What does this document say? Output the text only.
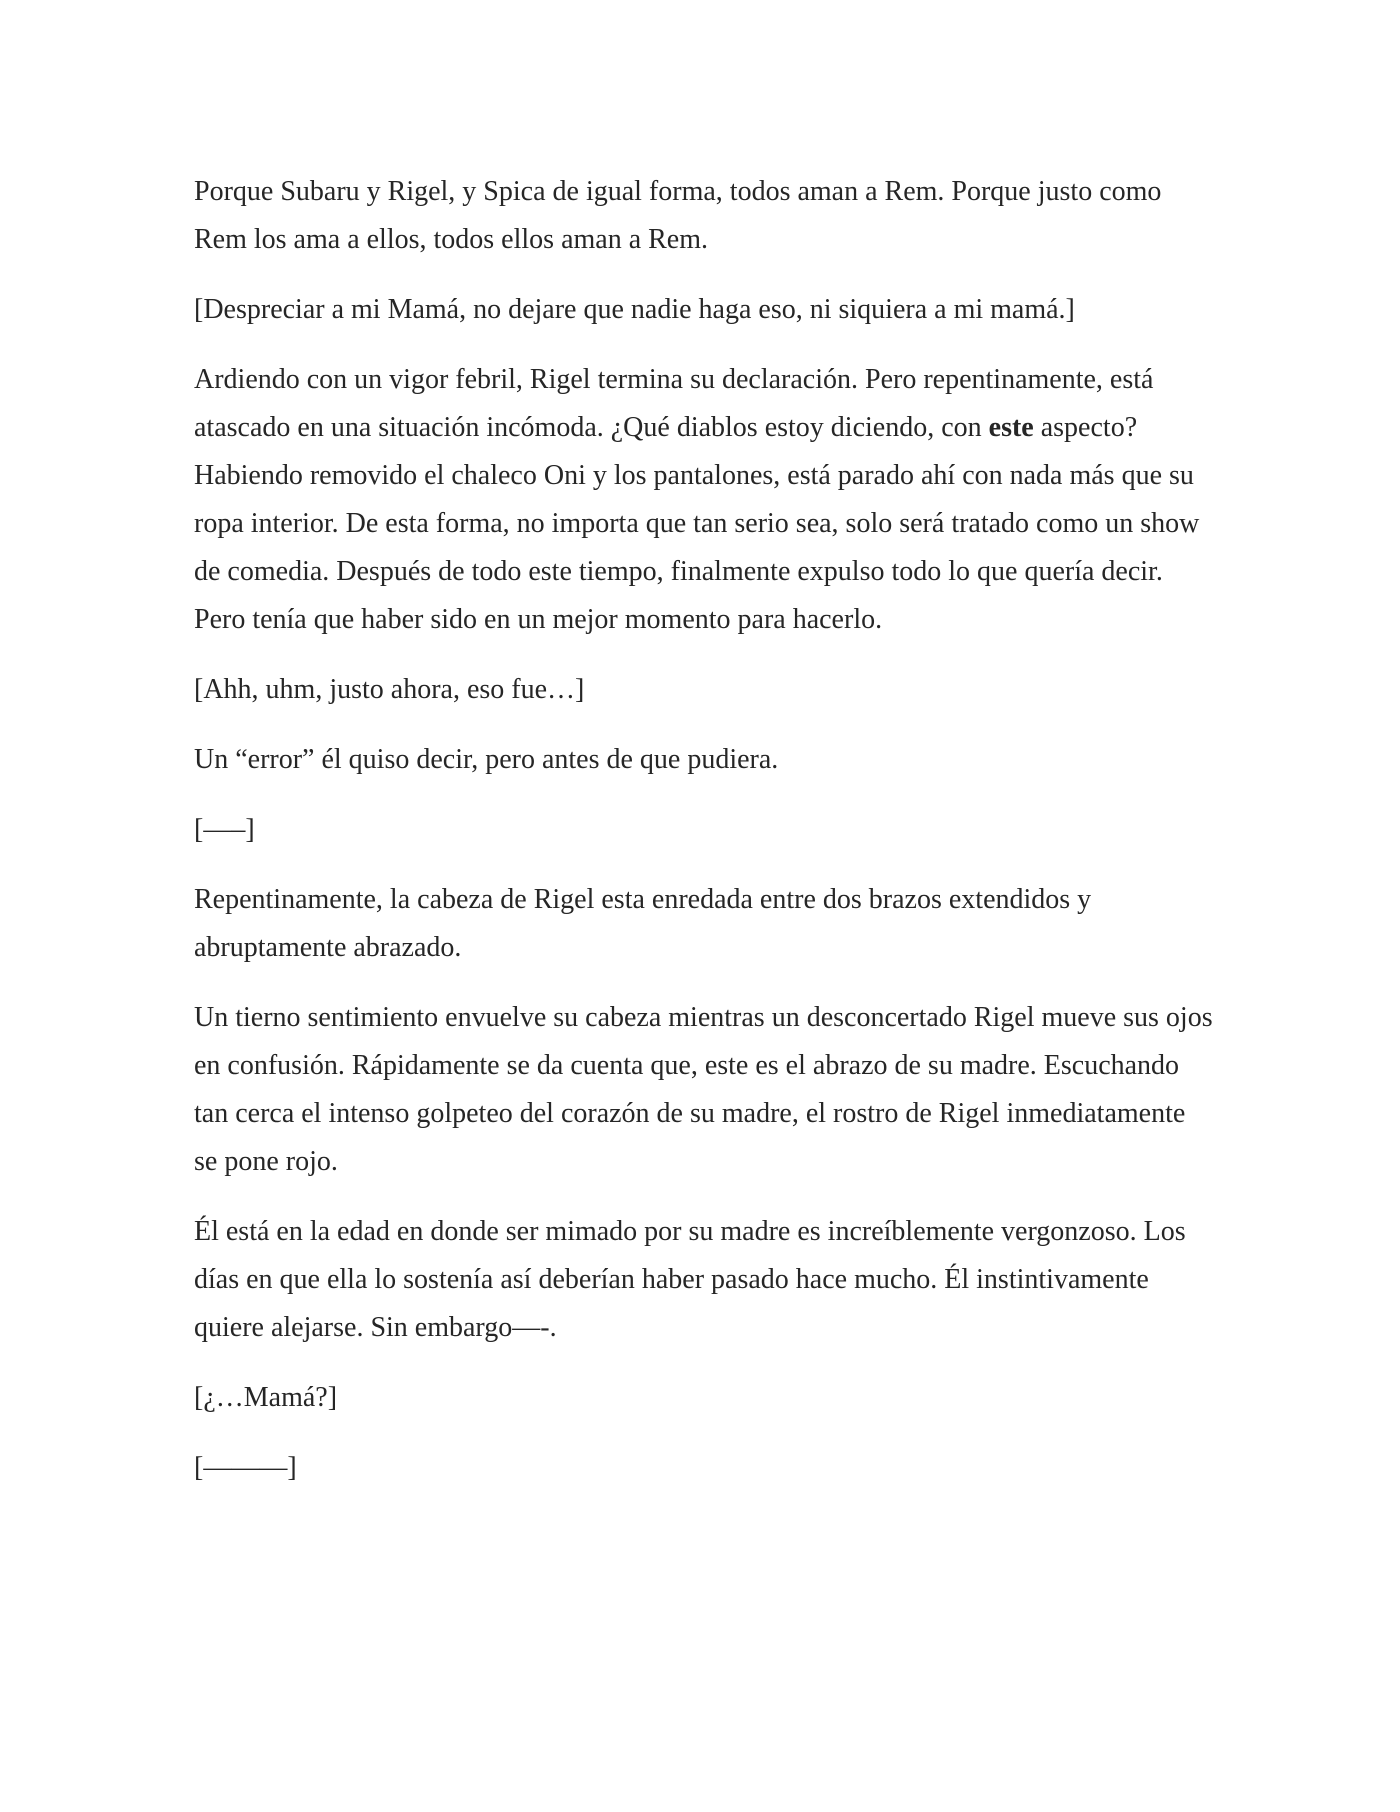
Porque Subaru y Rigel, y Spica de igual forma, todos aman a Rem. Porque justo como Rem los ama a ellos, todos ellos aman a Rem.

[Despreciar a mi Mamá, no dejare que nadie haga eso, ni siquiera a mi mamá.]

Ardiendo con un vigor febril, Rigel termina su declaración. Pero repentinamente, está atascado en una situación incómoda. ¿Qué diablos estoy diciendo, con este aspecto? Habiendo removido el chaleco Oni y los pantalones, está parado ahí con nada más que su ropa interior. De esta forma, no importa que tan serio sea, solo será tratado como un show de comedia. Después de todo este tiempo, finalmente expulso todo lo que quería decir. Pero tenía que haber sido en un mejor momento para hacerlo.

[Ahh, uhm, justo ahora, eso fue…]

Un “error” él quiso decir, pero antes de que pudiera.

[—–]

Repentinamente, la cabeza de Rigel esta enredada entre dos brazos extendidos y abruptamente abrazado.

Un tierno sentimiento envuelve su cabeza mientras un desconcertado Rigel mueve sus ojos en confusión. Rápidamente se da cuenta que, este es el abrazo de su madre. Escuchando tan cerca el intenso golpeteo del corazón de su madre, el rostro de Rigel inmediatamente se pone rojo.

Él está en la edad en donde ser mimado por su madre es increíblemente vergonzoso. Los días en que ella lo sostenía así deberían haber pasado hace mucho. Él instintivamente quiere alejarse. Sin embargo—-.

[¿…Mamá?]

[———]
